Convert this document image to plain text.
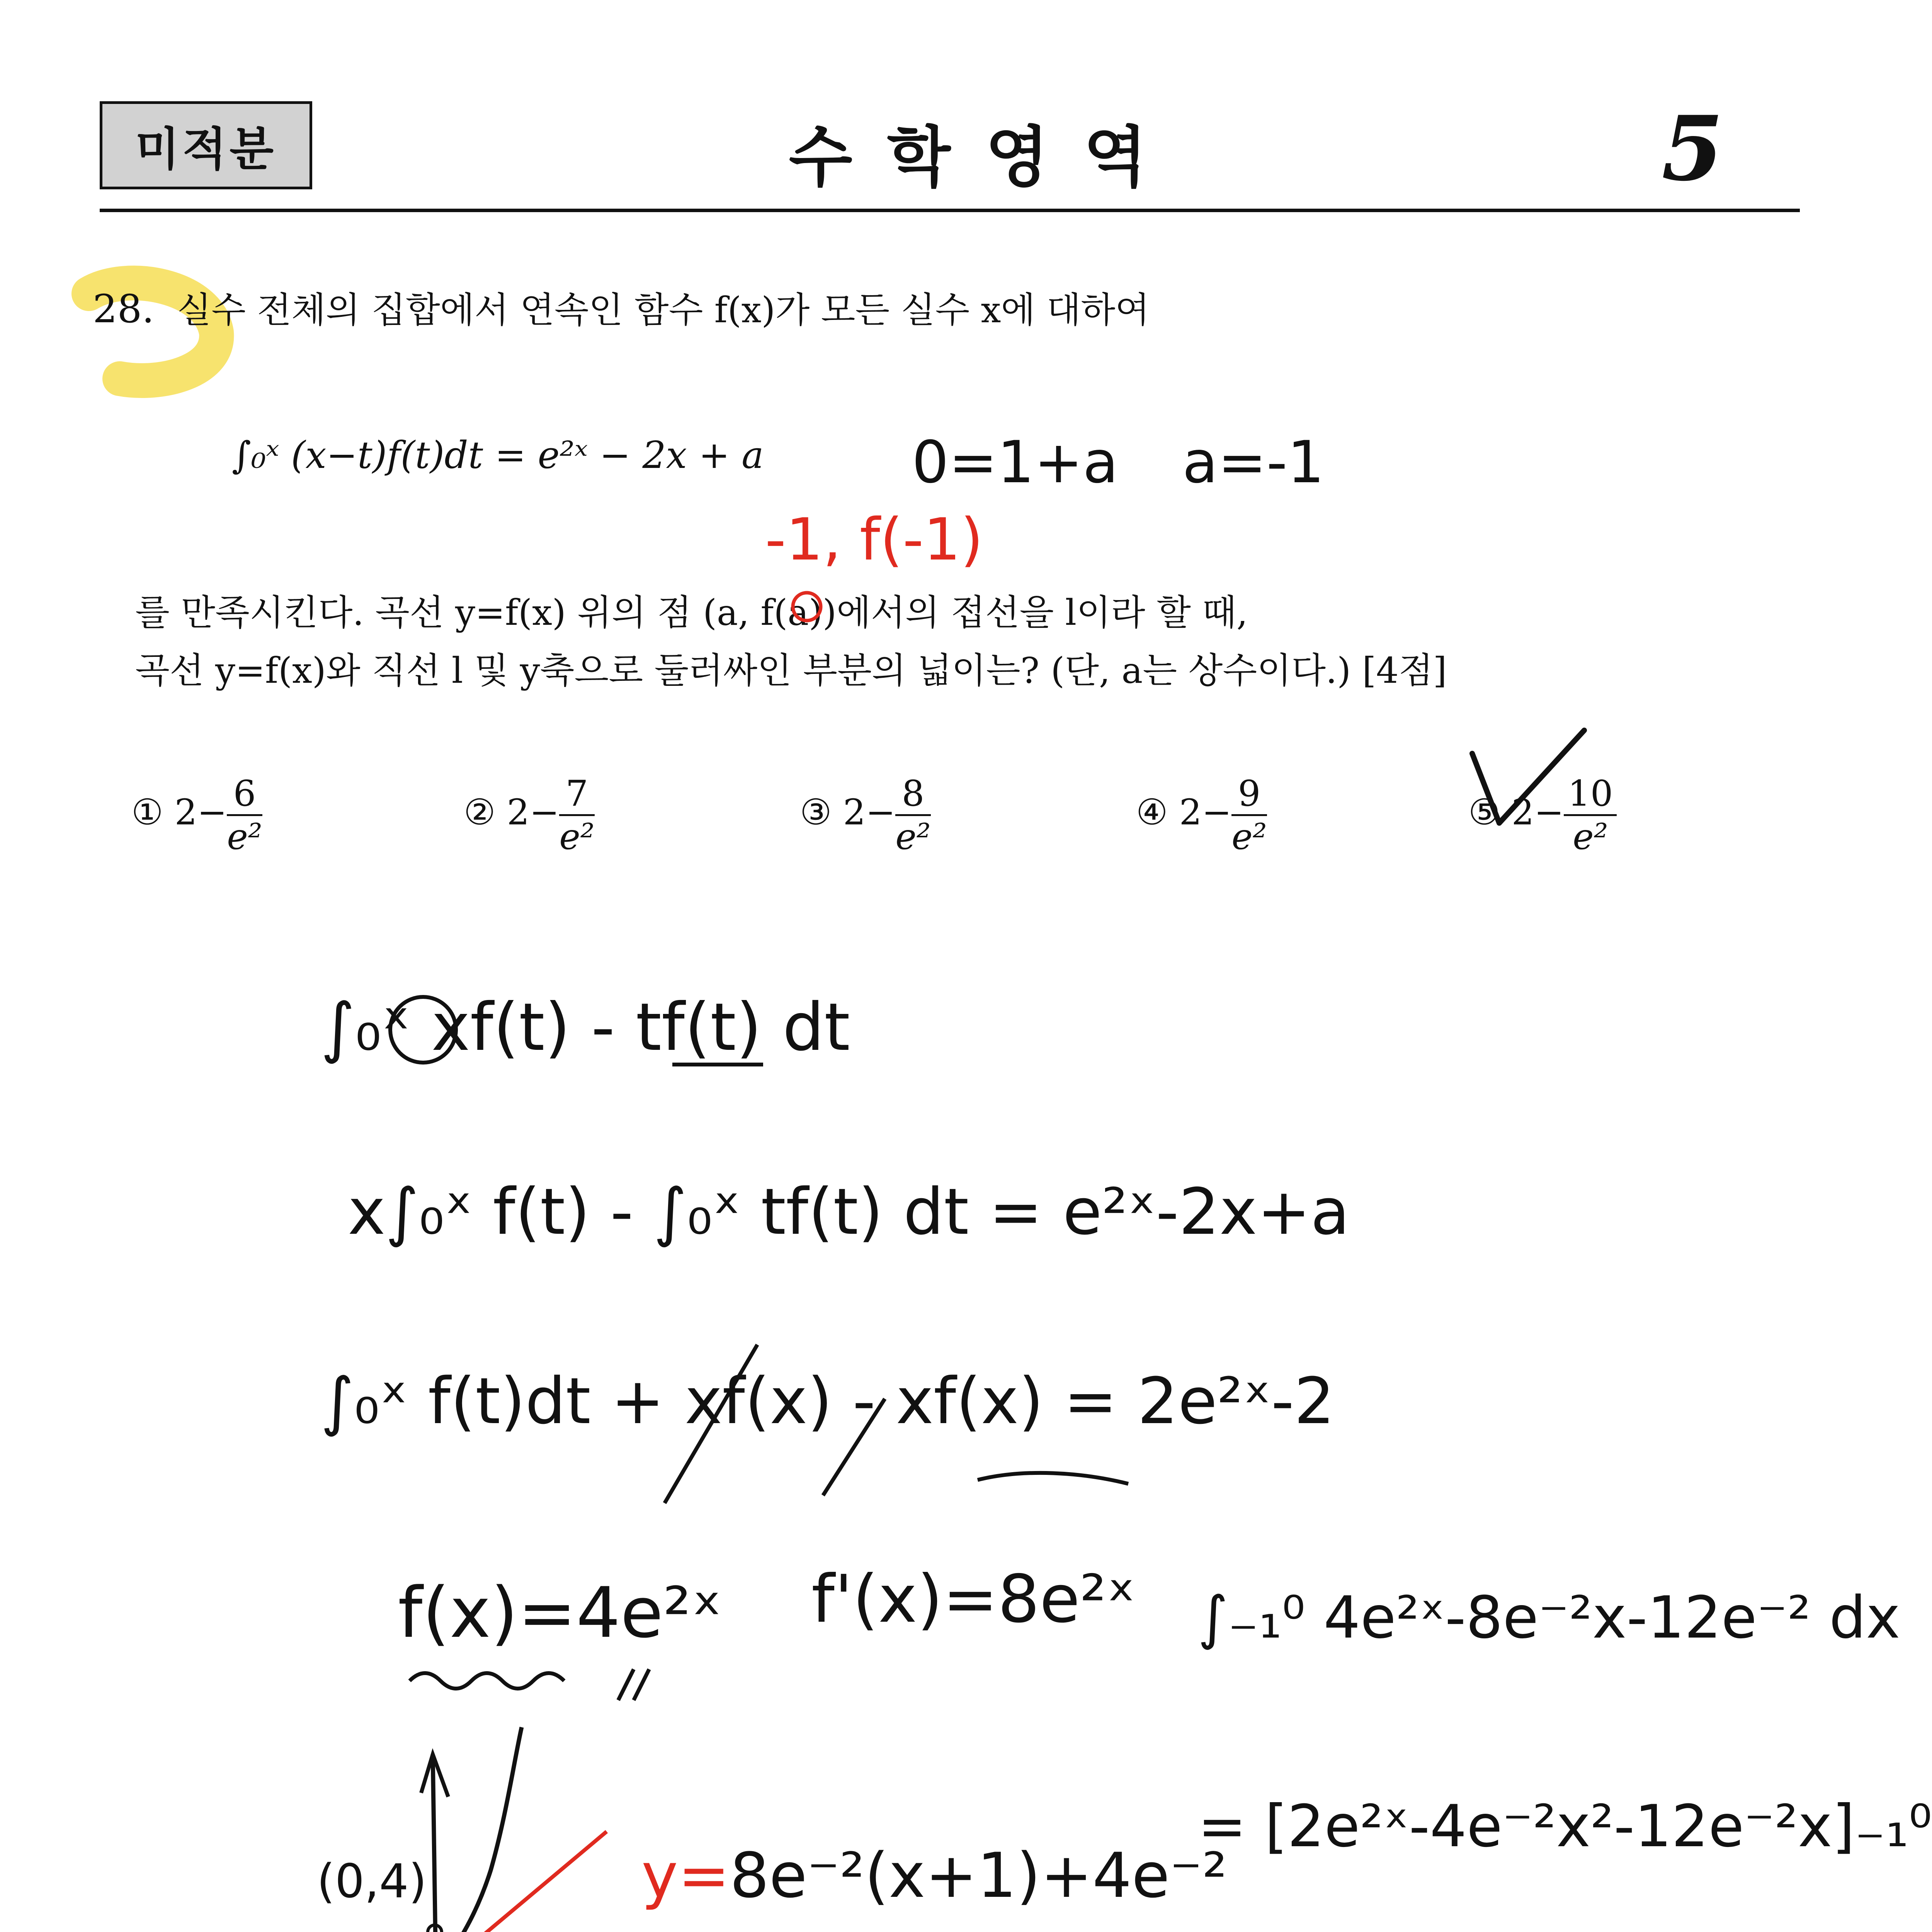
미적분	수학영역	5
28. 실수 전체의 집합에서 연속인 함수 f(x)가 모든 실수 x에 대하여
∫₀ˣ (x−t)f(t)dt = e²ˣ − 2x + a
를 만족시킨다. 곡선 y=f(x) 위의 점 (a, f(a))에서의 접선을 l이라 할 때,
곡선 y=f(x)와 직선 l 및 y축으로 둘러싸인 부분의 넓이는? (단, a는 상수이다.) [4점]
① $2- \frac{6}{\text{e²}}$	② $2- \frac{7}{\text{e²}}$	③ $2- \frac{8}{\text{e²}}$	④ $2- \frac{9}{\text{e²}}$	⑤ $2- \frac{10}{\text{e²}}$
0=1+a a=-1
-1, f(-1)
∫₀ˣ xf(t) - tf(t) dt
x∫₀ˣ f(t) - ∫₀ˣ tf(t) dt = e²ˣ-2x+a
∫₀ˣ f(t)dt + xf(x) - xf(x) = 2e²ˣ-2
f(x)=4e²ˣ f'(x)=8e²ˣ ∫₋₁⁰ 4e²ˣ-8e⁻²x-12e⁻² dx
(0,4)	y=8e⁻²(x+1)+4e⁻²
= [2e²ˣ-4e⁻²x²-12e⁻²x]₋₁⁰
